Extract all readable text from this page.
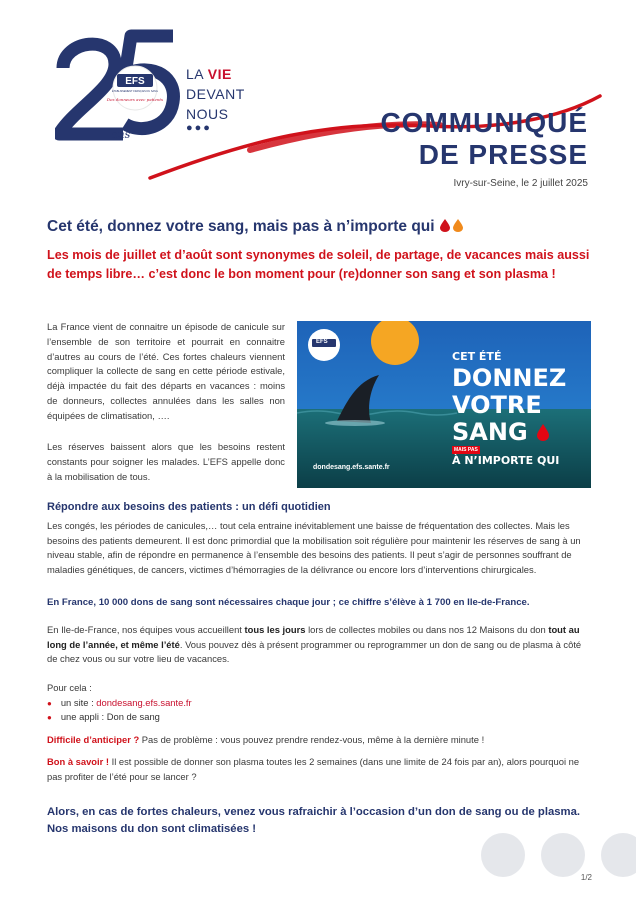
EFS
ÉTABLISSEMENT FRANÇAIS DU SANG
Des donneurs avec patients
ans
LA VIE
DEVANT
NOUS
●●●	COMMUNIQUÉ
DE PRESSE
Ivry-sur-Seine, le 2 juillet 2025
Cet été, donnez votre sang, mais pas à n’importe qui
Les mois de juillet et d’août sont synonymes de soleil, de partage, de vacances mais aussi de temps libre… c’est donc le bon moment pour (re)donner son sang et son plasma !
La France vient de connaitre un épisode de canicule sur l’ensemble de son territoire et pourrait en connaitre d’autres au cours de l’été. Ces fortes chaleurs viennent compliquer la collecte de sang en cette période estivale, déjà impactée du fait des départs en vacances : moins de donneurs, collectes annulées dans les salles non équipées de climatisation, ….
Les réserves baissent alors que les besoins restent constants pour soigner les malades. L’EFS appelle donc à la mobilisation de tous.
EFS
CET ÉTÉ
DONNEZ
VOTRE
SANG
MAIS PAS
À N’IMPORTE QUI
dondesang.efs.sante.fr
Répondre aux besoins des patients : un défi quotidien
Les congés, les périodes de canicules,… tout cela entraine inévitablement une baisse de fréquentation des collectes. Mais les besoins des patients demeurent. Il est donc primordial que la mobilisation soit régulière pour maintenir les réserves de sang à un niveau stable, afin de répondre en permanence à l’ensemble des besoins des patients. Il peut s’agir de personnes souffrant de maladies génétiques, de cancers, victimes d’hémorragies de la délivrance ou encore lors d’interventions chirurgicales.
En France, 10 000 dons de sang sont nécessaires chaque jour ; ce chiffre s’élève à 1 700 en Ile-de-France.
En Ile-de-France, nos équipes vous accueillent tous les jours lors de collectes mobiles ou dans nos 12 Maisons du don tout au long de l’année, et même l’été. Vous pouvez dès à présent programmer ou reprogrammer un don de sang ou de plasma à côté de chez vous ou sur votre lieu de vacances.
Pour cela :
● un site : dondesang.efs.sante.fr
● une appli : Don de sang
Difficile d’anticiper ? Pas de problème : vous pouvez prendre rendez-vous, même à la dernière minute !
Bon à savoir ! Il est possible de donner son plasma toutes les 2 semaines (dans une limite de 24 fois par an), alors pourquoi ne pas profiter de l’été pour se lancer ?
Alors, en cas de fortes chaleurs, venez vous rafraichir à l’occasion d’un don de sang ou de plasma.
Nos maisons du don sont climatisées !
1/2
